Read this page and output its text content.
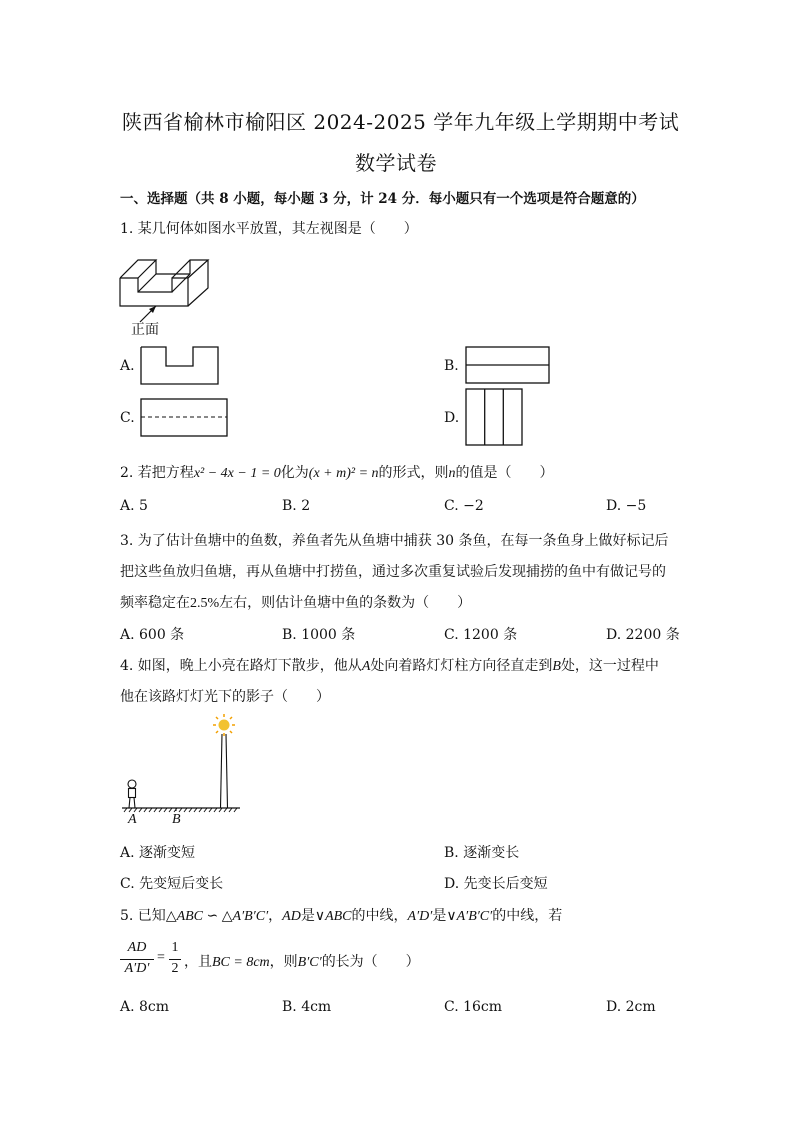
陕西省榆林市榆阳区 2024-2025 学年九年级上学期期中考试
数学试卷
一、选择题（共 8 小题，每小题 3 分，计 24 分．每小题只有一个选项是符合题意的）
1. 某几何体如图水平放置，其左视图是（　　）
正面
A.	B.
C.	D.
2. 若把方程x² − 4x − 1 = 0化为(x + m)² = n的形式，则n的值是（　　）
A. 5	B. 2	C. −2	D. −5
3. 为了估计鱼塘中的鱼数，养鱼者先从鱼塘中捕获 30 条鱼，在每一条鱼身上做好标记后
把这些鱼放归鱼塘，再从鱼塘中打捞鱼，通过多次重复试验后发现捕捞的鱼中有做记号的
频率稳定在2.5%左右，则估计鱼塘中鱼的条数为（　　）
A. 600 条	B. 1000 条	C. 1200 条	D. 2200 条
4. 如图，晚上小亮在路灯下散步，他从A处向着路灯灯柱方向径直走到B处，这一过程中
他在该路灯灯光下的影子（　　）
A	B
A. 逐渐变短	B. 逐渐变长
C. 先变短后变长	D. 先变长后变短
5. 已知△ABC ∽ △A′B′C′，AD是∨ABC的中线，A′D′是∨A′B′C′的中线，若
AD
A′D′
=
1
2 ，且BC = 8cm，则B′C′的长为（　　）
A. 8cm	B. 4cm	C. 16cm	D. 2cm
